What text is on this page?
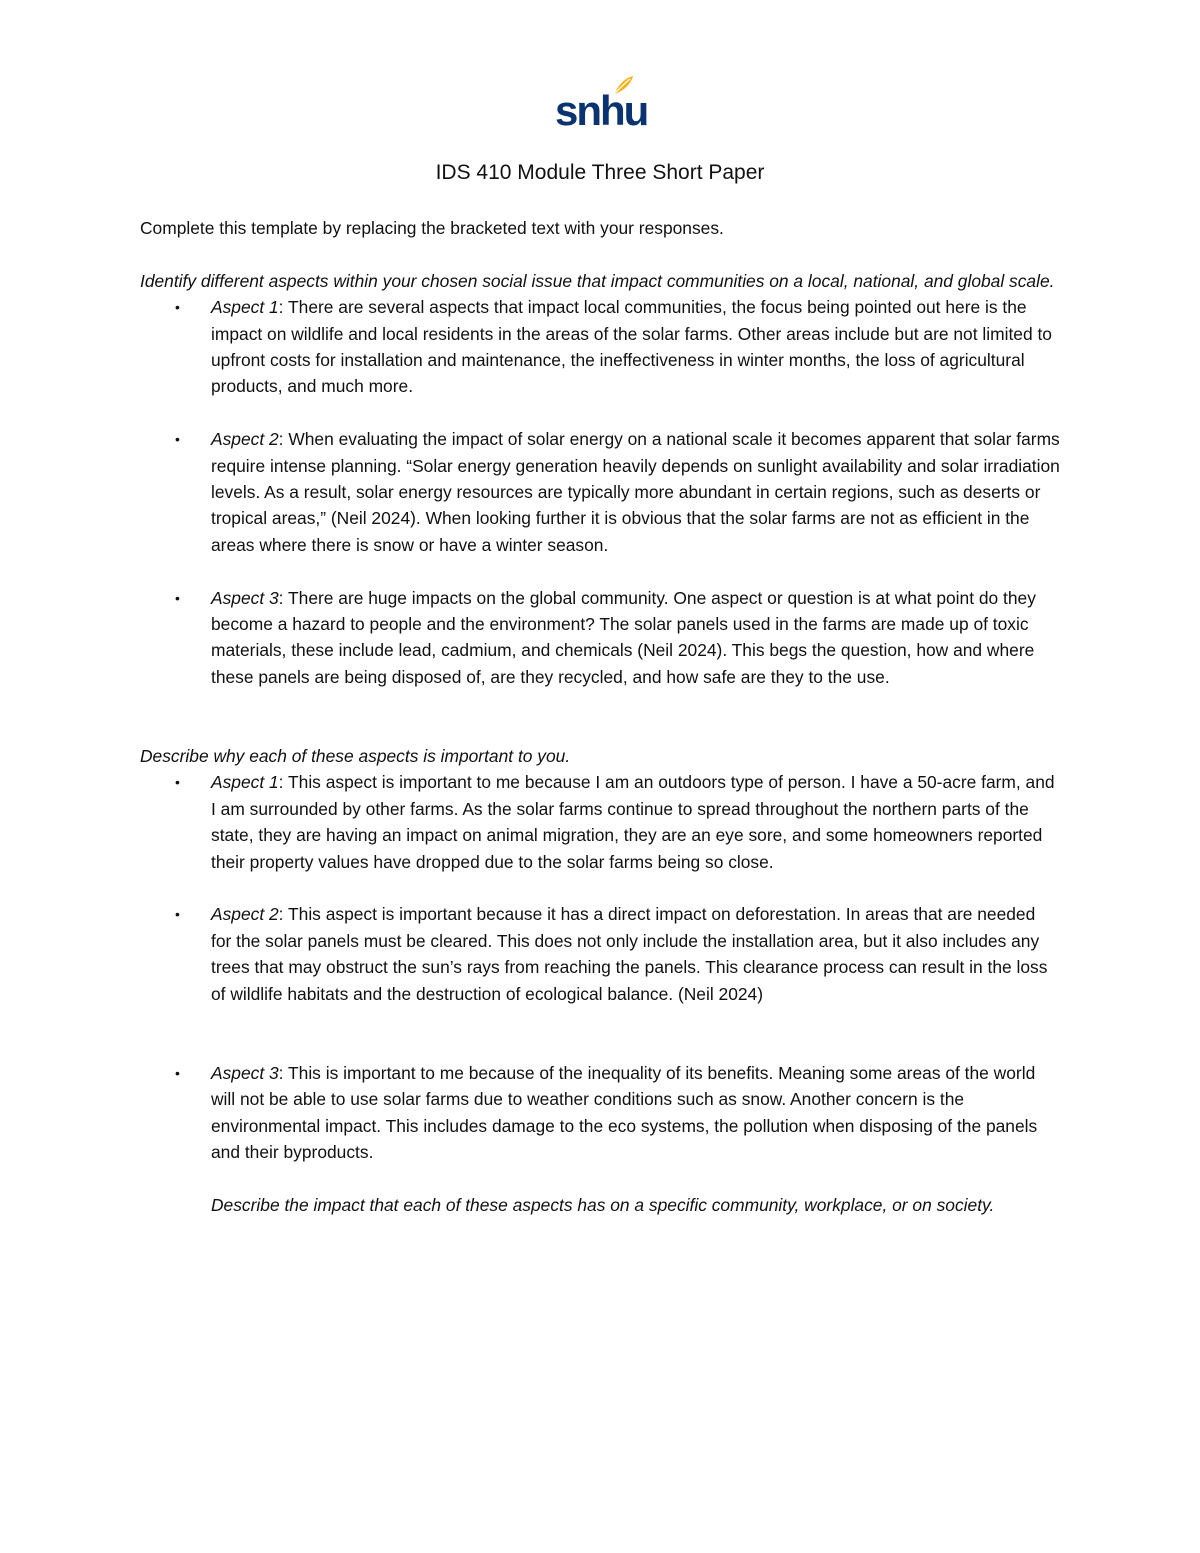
snhu
IDS 410 Module Three Short Paper

Complete this template by replacing the bracketed text with your responses.

Identify different aspects within your chosen social issue that impact communities on a local, national, and global scale.

• Aspect 1: There are several aspects that impact local communities, the focus being pointed out here is the impact on wildlife and local residents in the areas of the solar farms. Other areas include but are not limited to upfront costs for installation and maintenance, the ineffectiveness in winter months, the loss of agricultural products, and much more.
• Aspect 2: When evaluating the impact of solar energy on a national scale it becomes apparent that solar farms require intense planning. “Solar energy generation heavily depends on sunlight availability and solar irradiation levels. As a result, solar energy resources are typically more abundant in certain regions, such as deserts or tropical areas,” (Neil 2024). When looking further it is obvious that the solar farms are not as efficient in the areas where there is snow or have a winter season.
• Aspect 3: There are huge impacts on the global community. One aspect or question is at what point do they become a hazard to people and the environment? The solar panels used in the farms are made up of toxic materials, these include lead, cadmium, and chemicals (Neil 2024). This begs the question, how and where these panels are being disposed of, are they recycled, and how safe are they to the use.

Describe why each of these aspects is important to you.

• Aspect 1: This aspect is important to me because I am an outdoors type of person. I have a 50-acre farm, and I am surrounded by other farms. As the solar farms continue to spread throughout the northern parts of the state, they are having an impact on animal migration, they are an eye sore, and some homeowners reported their property values have dropped due to the solar farms being so close.
• Aspect 2: This aspect is important because it has a direct impact on deforestation. In areas that are needed for the solar panels must be cleared. This does not only include the installation area, but it also includes any trees that may obstruct the sun’s rays from reaching the panels. This clearance process can result in the loss of wildlife habitats and the destruction of ecological balance. (Neil 2024)
• Aspect 3: This is important to me because of the inequality of its benefits. Meaning some areas of the world will not be able to use solar farms due to weather conditions such as snow. Another concern is the environmental impact. This includes damage to the eco systems, the pollution when disposing of the panels and their byproducts.

Describe the impact that each of these aspects has on a specific community, workplace, or on society.
